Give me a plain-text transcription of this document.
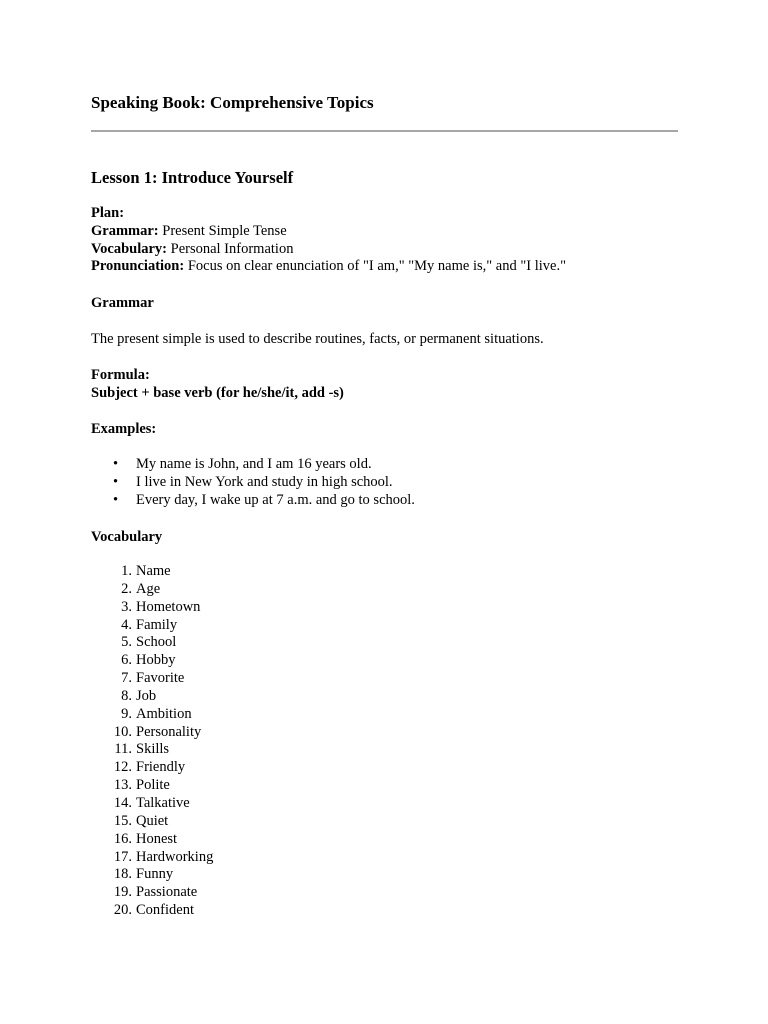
Speaking Book: Comprehensive Topics
Lesson 1: Introduce Yourself
Plan:
Grammar: Present Simple Tense
Vocabulary: Personal Information
Pronunciation: Focus on clear enunciation of "I am," "My name is," and "I live."
Grammar

The present simple is used to describe routines, facts, or permanent situations.

Formula:
Subject + base verb (for he/she/it, add -s)
Examples:
• My name is John, and I am 16 years old.
• I live in New York and study in high school.
• Every day, I wake up at 7 a.m. and go to school.
Vocabulary
1. Name
2. Age
3. Hometown
4. Family
5. School
6. Hobby
7. Favorite
8. Job
9. Ambition
10. Personality
11. Skills
12. Friendly
13. Polite
14. Talkative
15. Quiet
16. Honest
17. Hardworking
18. Funny
19. Passionate
20. Confident
